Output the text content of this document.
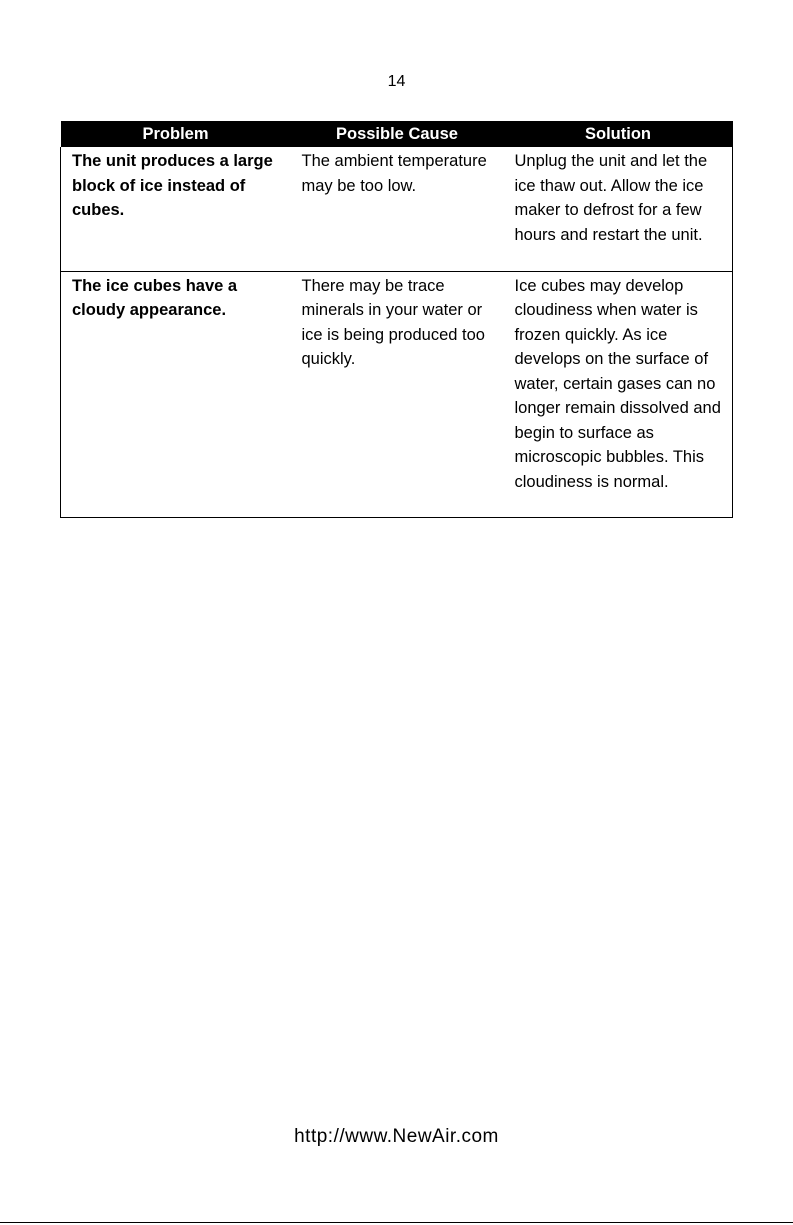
14
Problem	Possible Cause	Solution
The unit produces a large block of ice instead of cubes.	The ambient temperature may be too low.	Unplug the unit and let the ice thaw out. Allow the ice maker to defrost for a few hours and restart the unit.
The ice cubes have a cloudy appearance.	There may be trace minerals in your water or ice is being produced too quickly.	Ice cubes may develop cloudiness when water is frozen quickly. As ice develops on the surface of water, certain gases can no longer remain dissolved and begin to surface as microscopic bubbles. This cloudiness is normal.
http://www.NewAir.com
